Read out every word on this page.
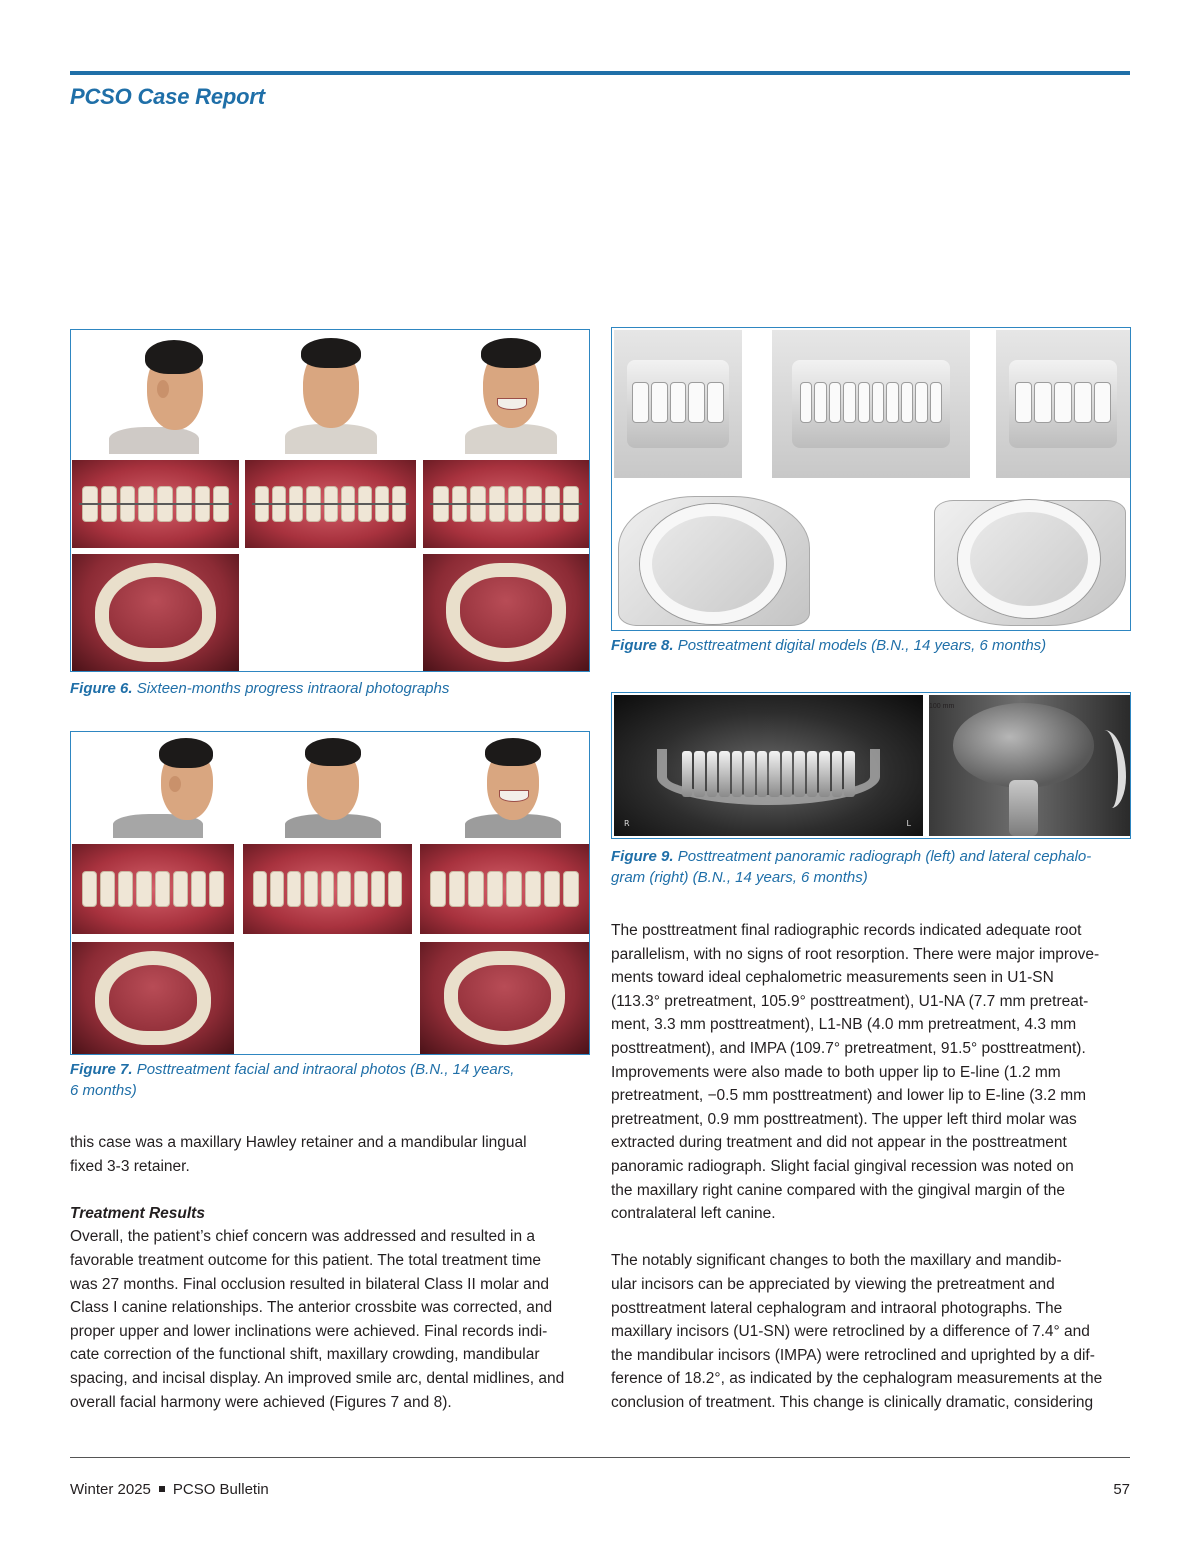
PCSO Case Report
Figure 6. Sixteen-months progress intraoral photographs
Figure 7. Posttreatment facial and intraoral photos (B.N., 14 years,
6 months)
Figure 8. Posttreatment digital models (B.N., 14 years, 6 months)
R	L
100 mm
Figure 9. Posttreatment panoramic radiograph (left) and lateral cephalo-
gram (right) (B.N., 14 years, 6 months)

this case was a maxillary Hawley retainer and a mandibular lingual

fixed 3-3 retainer.

Treatment Results

Overall, the patient’s chief concern was addressed and resulted in a

favorable treatment outcome for this patient. The total treatment time

was 27 months. Final occlusion resulted in bilateral Class II molar and

Class I canine relationships. The anterior crossbite was corrected, and

proper upper and lower inclinations were achieved. Final records indi-

cate correction of the functional shift, maxillary crowding, mandibular

spacing, and incisal display. An improved smile arc, dental midlines, and

overall facial harmony were achieved (Figures 7 and 8).

The posttreatment final radiographic records indicated adequate root

parallelism, with no signs of root resorption. There were major improve-

ments toward ideal cephalometric measurements seen in U1-SN

(113.3° pretreatment, 105.9° posttreatment), U1-NA (7.7 mm pretreat-

ment, 3.3 mm posttreatment), L1-NB (4.0 mm pretreatment, 4.3 mm

posttreatment), and IMPA (109.7° pretreatment, 91.5° posttreatment).

Improvements were also made to both upper lip to E-line (1.2 mm

pretreatment, −0.5 mm posttreatment) and lower lip to E-line (3.2 mm

pretreatment, 0.9 mm posttreatment). The upper left third molar was

extracted during treatment and did not appear in the posttreatment

panoramic radiograph. Slight facial gingival recession was noted on

the maxillary right canine compared with the gingival margin of the

contralateral left canine.

The notably significant changes to both the maxillary and mandib-

ular incisors can be appreciated by viewing the pretreatment and

posttreatment lateral cephalogram and intraoral photographs. The

maxillary incisors (U1-SN) were retroclined by a difference of 7.4° and

the mandibular incisors (IMPA) were retroclined and uprighted by a dif-

ference of 18.2°, as indicated by the cephalogram measurements at the

conclusion of treatment. This change is clinically dramatic, considering

Winter 2025 PCSO Bulletin	57
